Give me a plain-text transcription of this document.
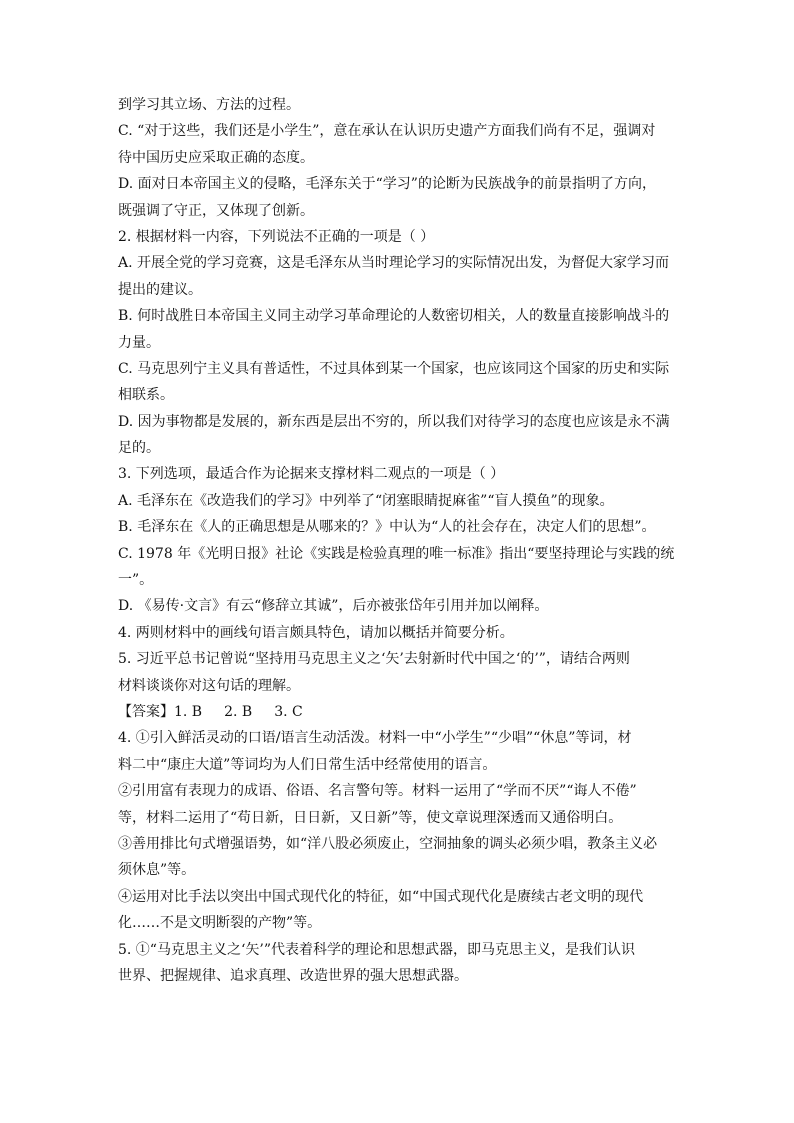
到学习其立场、方法的过程。
C. “对于这些，我们还是小学生”，意在承认在认识历史遗产方面我们尚有不足，强调对
待中国历史应采取正确的态度。
D. 面对日本帝国主义的侵略，毛泽东关于“学习”的论断为民族战争的前景指明了方向，
既强调了守正，又体现了创新。
2. 根据材料一内容，下列说法不正确的一项是（ ）
A. 开展全党的学习竞赛，这是毛泽东从当时理论学习的实际情况出发，为督促大家学习而
提出的建议。
B. 何时战胜日本帝国主义同主动学习革命理论的人数密切相关，人的数量直接影响战斗的
力量。
C. 马克思列宁主义具有普适性，不过具体到某一个国家，也应该同这个国家的历史和实际
相联系。
D. 因为事物都是发展的，新东西是层出不穷的，所以我们对待学习的态度也应该是永不满
足的。
3. 下列选项，最适合作为论据来支撑材料二观点的一项是（ ）
A. 毛泽东在《改造我们的学习》中列举了“闭塞眼睛捉麻雀”“盲人摸鱼”的现象。
B. 毛泽东在《人的正确思想是从哪来的？》中认为“人的社会存在，决定人们的思想”。
C. 1978 年《光明日报》社论《实践是检验真理的唯一标准》指出“要坚持理论与实践的统
一”。
D. 《易传·文言》有云“修辞立其诚”，后亦被张岱年引用并加以阐释。
4. 两则材料中的画线句语言颇具特色，请加以概括并简要分析。
5. 习近平总书记曾说“坚持用马克思主义之‘矢’去射新时代中国之‘的’”，请结合两则
材料谈谈你对这句话的理解。
【答案】1. B 2. B 3. C
4. ①引入鲜活灵动的口语/语言生动活泼。材料一中“小学生”“少唱”“休息”等词，材
料二中“康庄大道”等词均为人们日常生活中经常使用的语言。
②引用富有表现力的成语、俗语、名言警句等。材料一运用了“学而不厌”“诲人不倦”
等，材料二运用了“苟日新，日日新，又日新”等，使文章说理深透而又通俗明白。
③善用排比句式增强语势，如“洋八股必须废止，空洞抽象的调头必须少唱，教条主义必
须休息”等。
④运用对比手法以突出中国式现代化的特征，如“中国式现代化是赓续古老文明的现代
化……不是文明断裂的产物”等。
5. ①“马克思主义之‘矢’”代表着科学的理论和思想武器，即马克思主义，是我们认识
世界、把握规律、追求真理、改造世界的强大思想武器。
